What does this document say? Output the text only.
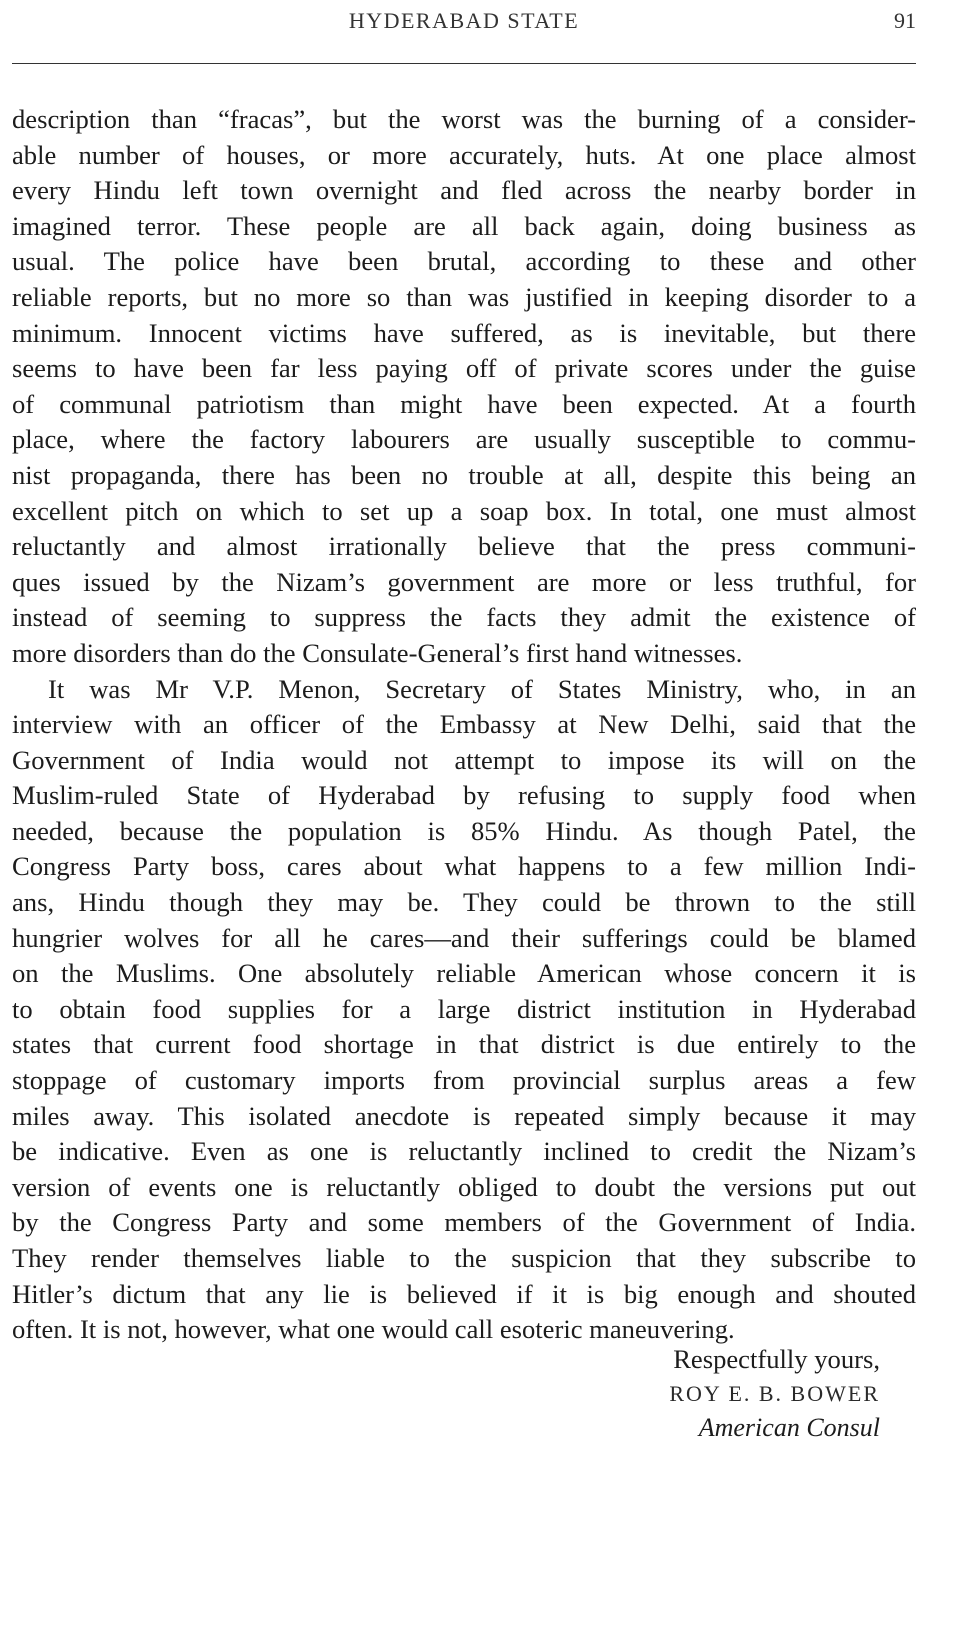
HYDERABAD STATE	91
description than “fracas”, but the worst was the burning of a consider-
able number of houses, or more accurately, huts. At one place almost
every Hindu left town overnight and fled across the nearby border in
imagined terror. These people are all back again, doing business as
usual. The police have been brutal, according to these and other
reliable reports, but no more so than was justified in keeping disorder to a
minimum. Innocent victims have suffered, as is inevitable, but there
seems to have been far less paying off of private scores under the guise
of communal patriotism than might have been expected. At a fourth
place, where the factory labourers are usually susceptible to commu-
nist propaganda, there has been no trouble at all, despite this being an
excellent pitch on which to set up a soap box. In total, one must almost
reluctantly and almost irrationally believe that the press communi-
ques issued by the Nizam’s government are more or less truthful, for
instead of seeming to suppress the facts they admit the existence of
more disorders than do the Consulate-General’s first hand witnesses.
It was Mr V.P. Menon, Secretary of States Ministry, who, in an
interview with an officer of the Embassy at New Delhi, said that the
Government of India would not attempt to impose its will on the
Muslim-ruled State of Hyderabad by refusing to supply food when
needed, because the population is 85% Hindu. As though Patel, the
Congress Party boss, cares about what happens to a few million Indi-
ans, Hindu though they may be. They could be thrown to the still
hungrier wolves for all he cares—and their sufferings could be blamed
on the Muslims. One absolutely reliable American whose concern it is
to obtain food supplies for a large district institution in Hyderabad
states that current food shortage in that district is due entirely to the
stoppage of customary imports from provincial surplus areas a few
miles away. This isolated anecdote is repeated simply because it may
be indicative. Even as one is reluctantly inclined to credit the Nizam’s
version of events one is reluctantly obliged to doubt the versions put out
by the Congress Party and some members of the Government of India.
They render themselves liable to the suspicion that they subscribe to
Hitler’s dictum that any lie is believed if it is big enough and shouted
often. It is not, however, what one would call esoteric maneuvering.
Respectfully yours,
ROY E. B. BOWER
American Consul
